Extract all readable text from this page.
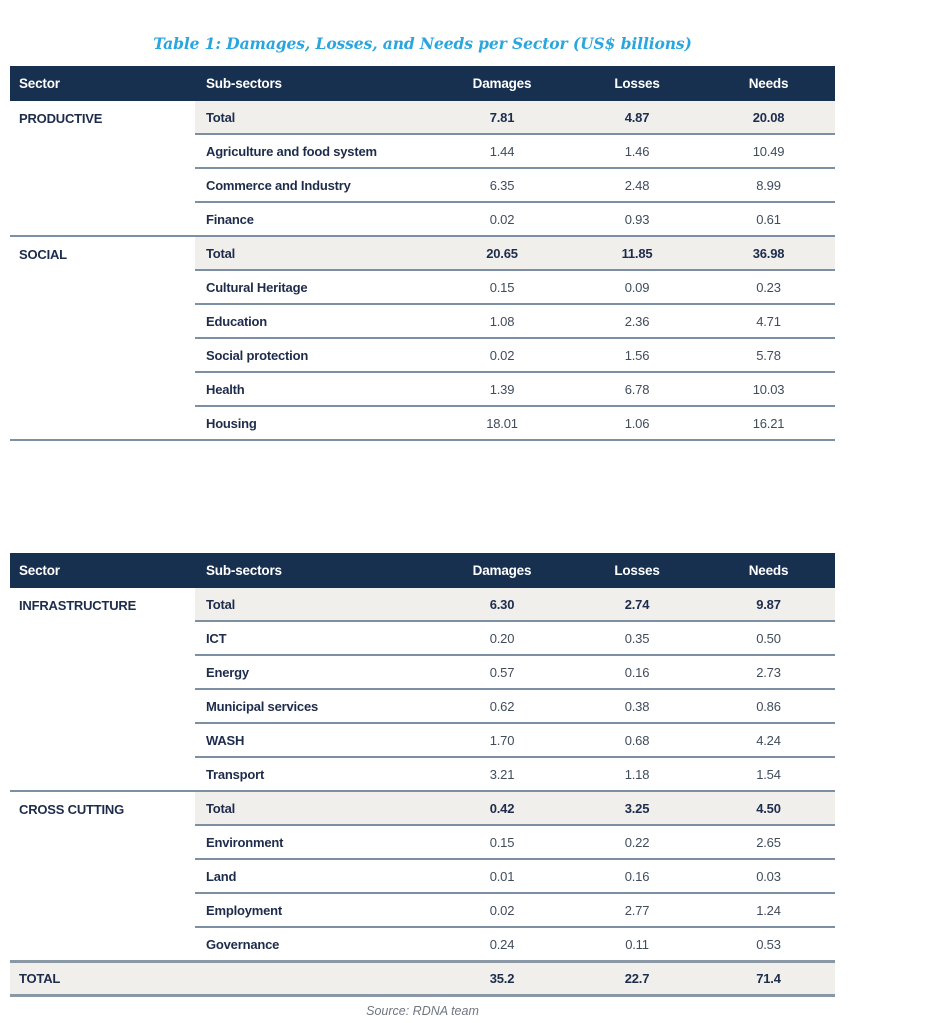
Table 1: Damages, Losses, and Needs per Sector (US$ billions)
Sector	Sub-sectors	Damages	Losses	Needs
PRODUCTIVE	Total	7.81	4.87	20.08
	Agriculture and food system	1.44	1.46	10.49
	Commerce and Industry	6.35	2.48	8.99
	Finance	0.02	0.93	0.61
SOCIAL	Total	20.65	11.85	36.98
	Cultural Heritage	0.15	0.09	0.23
	Education	1.08	2.36	4.71
	Social protection	0.02	1.56	5.78
	Health	1.39	6.78	10.03
	Housing	18.01	1.06	16.21
Sector	Sub-sectors	Damages	Losses	Needs
INFRASTRUCTURE	Total	6.30	2.74	9.87
	ICT	0.20	0.35	0.50
	Energy	0.57	0.16	2.73
	Municipal services	0.62	0.38	0.86
	WASH	1.70	0.68	4.24
	Transport	3.21	1.18	1.54
CROSS CUTTING	Total	0.42	3.25	4.50
	Environment	0.15	0.22	2.65
	Land	0.01	0.16	0.03
	Employment	0.02	2.77	1.24
	Governance	0.24	0.11	0.53
TOTAL		35.2	22.7	71.4
Source: RDNA team
